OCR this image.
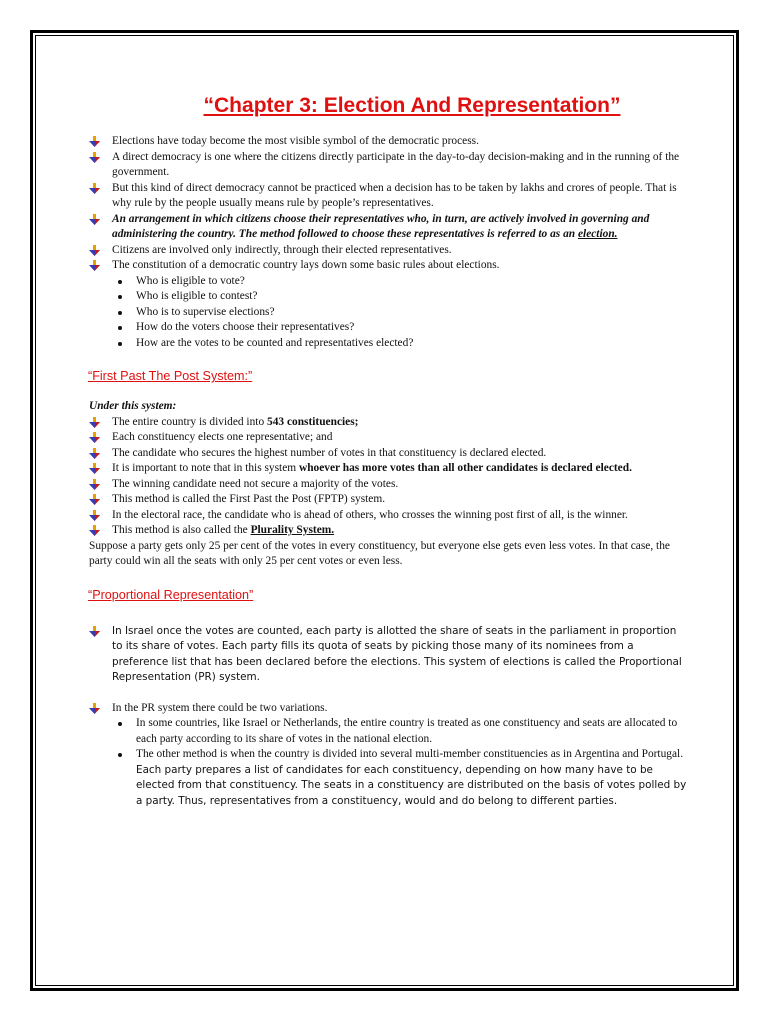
“Chapter 3: Election And Representation”
Elections have today become the most visible symbol of the democratic process.
A direct democracy is one where the citizens directly participate in the day-to-day decision-making and in the running of the government.
But this kind of direct democracy cannot be practiced when a decision has to be taken by lakhs and crores of people. That is why rule by the people usually means rule by people’s representatives.
An arrangement in which citizens choose their representatives who, in turn, are actively involved in governing and administering the country. The method followed to choose these representatives is referred to as an election.
Citizens are involved only indirectly, through their elected representatives.
The constitution of a democratic country lays down some basic rules about elections.
Who is eligible to vote?
Who is eligible to contest?
Who is to supervise elections?
How do the voters choose their representatives?
How are the votes to be counted and representatives elected?
“First Past The Post System:”
Under this system:
The entire country is divided into 543 constituencies;
Each constituency elects one representative; and
The candidate who secures the highest number of votes in that constituency is declared elected.
It is important to note that in this system whoever has more votes than all other candidates is declared elected.
The winning candidate need not secure a majority of the votes.
This method is called the First Past the Post (FPTP) system.
In the electoral race, the candidate who is ahead of others, who crosses the winning post first of all, is the winner.
This method is also called the Plurality System.

Suppose a party gets only 25 per cent of the votes in every constituency, but everyone else gets even less votes. In that case, the party could win all the seats with only 25 per cent votes or even less.

“Proportional Representation”
In Israel once the votes are counted, each party is allotted the share of seats in the parliament in proportion to its share of votes. Each party fills its quota of seats by picking those many of its nominees from a preference list that has been declared before the elections. This system of elections is called the Proportional Representation (PR) system.
In the PR system there could be two variations.
In some countries, like Israel or Netherlands, the entire country is treated as one constituency and seats are allocated to each party according to its share of votes in the national election.
The other method is when the country is divided into several multi-member constituencies as in Argentina and Portugal. Each party prepares a list of candidates for each constituency, depending on how many have to be elected from that constituency. The seats in a constituency are distributed on the basis of votes polled by a party. Thus, representatives from a constituency, would and do belong to different parties.
